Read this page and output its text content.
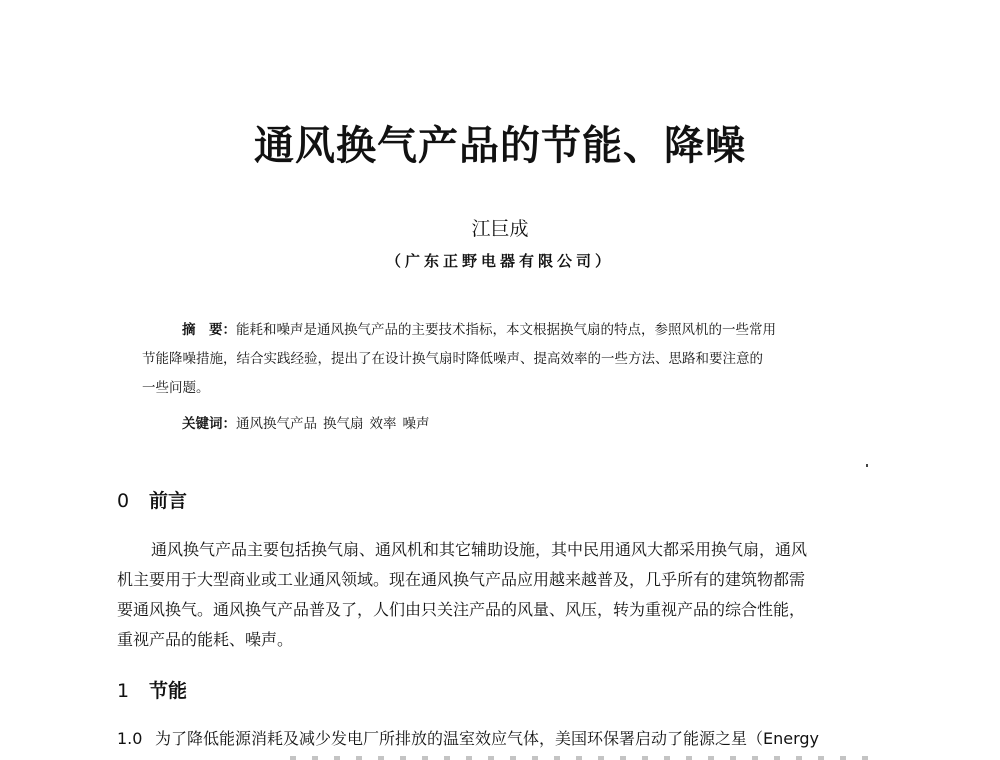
通风换气产品的节能、降噪
江巨成
（广东正野电器有限公司）
摘　要：能耗和噪声是通风换气产品的主要技术指标，本文根据换气扇的特点，参照风机的一些常用
节能降噪措施，结合实践经验，提出了在设计换气扇时降低噪声、提高效率的一些方法、思路和要注意的
一些问题。
关键词：通风换气产品 换气扇 效率 噪声
0 前言
通风换气产品主要包括换气扇、通风机和其它辅助设施，其中民用通风大都采用换气扇，通风
机主要用于大型商业或工业通风领域。现在通风换气产品应用越来越普及，几乎所有的建筑物都需
要通风换气。通风换气产品普及了，人们由只关注产品的风量、风压，转为重视产品的综合性能，
重视产品的能耗、噪声。
1 节能
1.0 为了降低能源消耗及减少发电厂所排放的温室效应气体，美国环保署启动了能源之星（Energy
